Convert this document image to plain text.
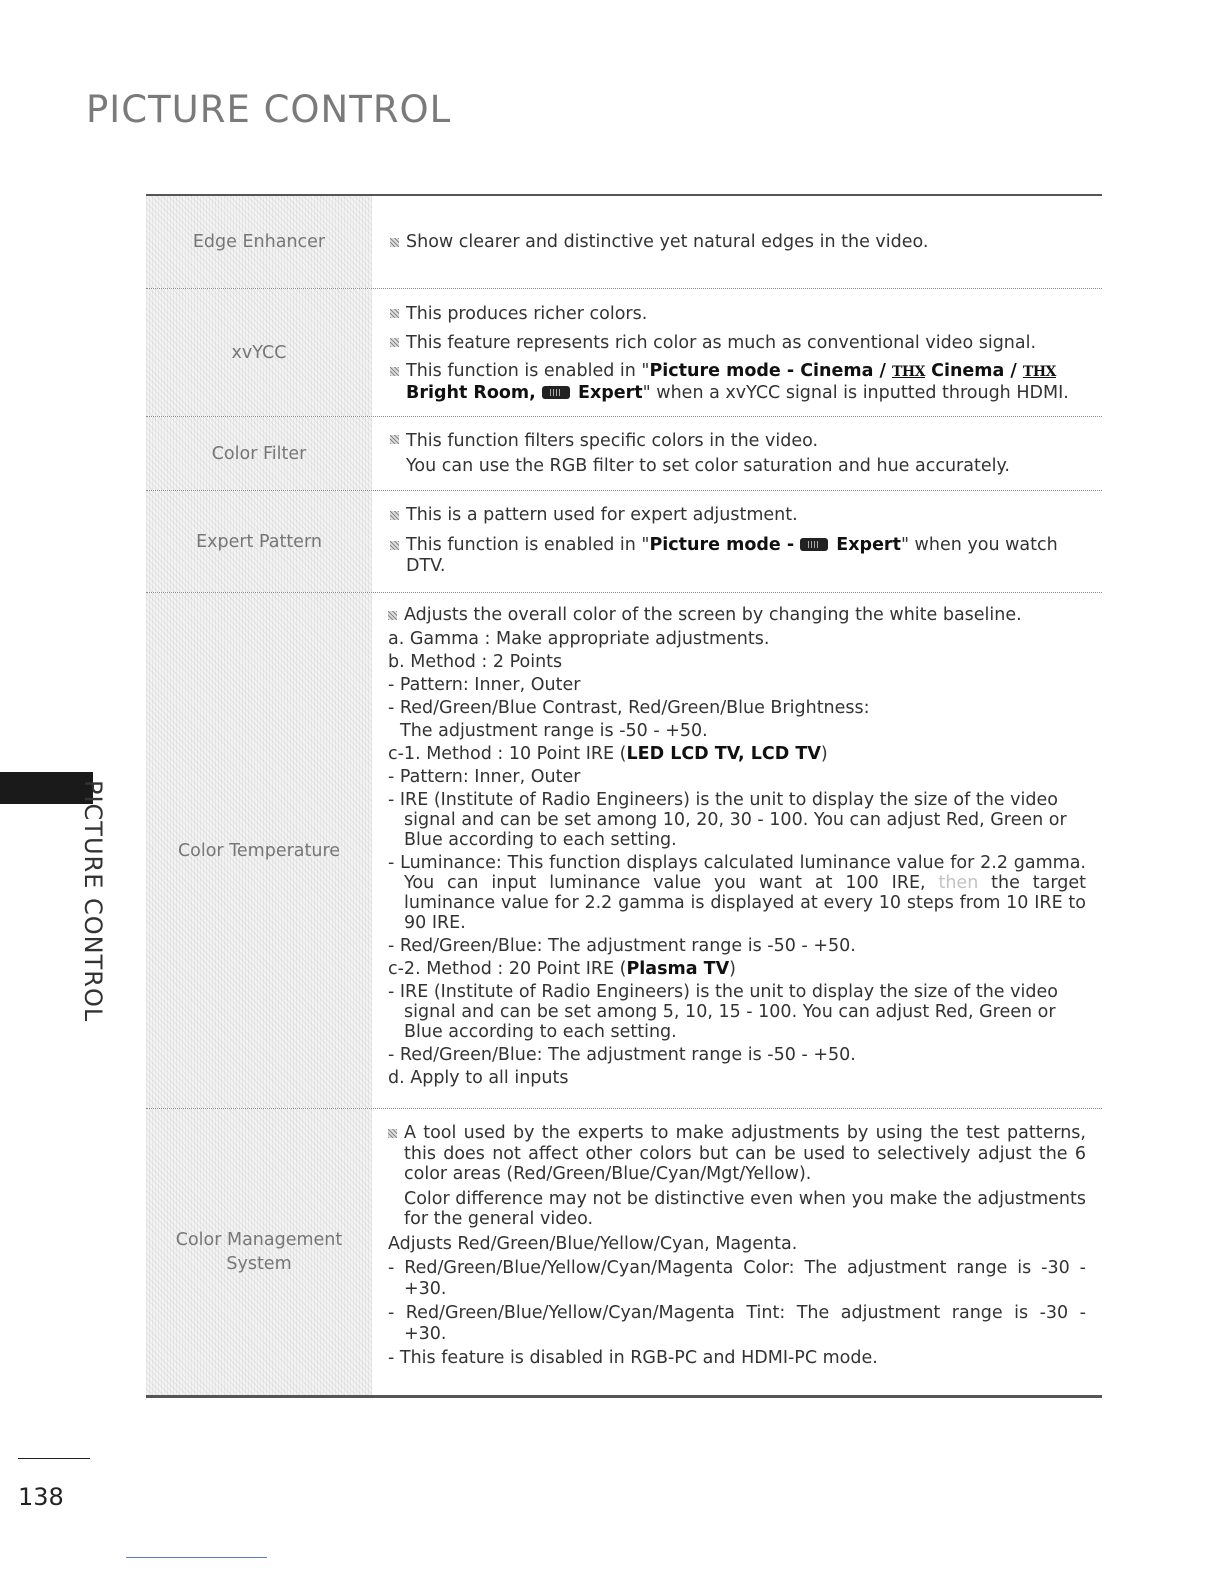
PICTURE CONTROL
Edge Enhancer	Show clearer and distinctive yet natural edges in the video.
xvYCC
This produces richer colors.
This feature represents rich color as much as conventional video signal.
This function is enabled in "Picture mode - Cinema / THX Cinema / THX Bright Room,  Expert" when a xvYCC signal is inputted through HDMI.
Color Filter
This function filters specific colors in the video.
You can use the RGB filter to set color saturation and hue accurately.
Expert Pattern
This is a pattern used for expert adjustment.
This function is enabled in "Picture mode -  Expert" when you watch DTV.
Color Temperature
Adjusts the overall color of the screen by changing the white baseline.
a. Gamma : Make appropriate adjustments.
b. Method : 2 Points
- Pattern: Inner, Outer
- Red/Green/Blue Contrast, Red/Green/Blue Brightness:
The adjustment range is -50 - +50.
c-1. Method : 10 Point IRE (LED LCD TV, LCD TV)
- Pattern: Inner, Outer
- IRE (Institute of Radio Engineers) is the unit to display the size of the video signal and can be set among 10, 20, 30 - 100. You can adjust Red, Green or Blue according to each setting.
- Luminance: This function displays calculated luminance value for 2.2 gamma. You can input luminance value you want at 100 IRE, then the target luminance value for 2.2 gamma is displayed at every 10 steps from 10 IRE to 90 IRE.
- Red/Green/Blue: The adjustment range is -50 - +50.
c-2. Method : 20 Point IRE (Plasma TV)
- IRE (Institute of Radio Engineers) is the unit to display the size of the video signal and can be set among 5, 10, 15 - 100. You can adjust Red, Green or Blue according to each setting.
- Red/Green/Blue: The adjustment range is -50 - +50.
d. Apply to all inputs
Color Management
System
A tool used by the experts to make adjustments by using the test patterns, this does not affect other colors but can be used to selectively adjust the 6 color areas (Red/Green/Blue/Cyan/Mgt/Yellow).
Color difference may not be distinctive even when you make the adjustments for the general video.
Adjusts Red/Green/Blue/Yellow/Cyan, Magenta.
- Red/Green/Blue/Yellow/Cyan/Magenta Color: The adjustment range is -30 - +30.
- Red/Green/Blue/Yellow/Cyan/Magenta Tint: The adjustment range is -30 - +30.
- This feature is disabled in RGB-PC and HDMI-PC mode.
PICTURE CONTROL
138
